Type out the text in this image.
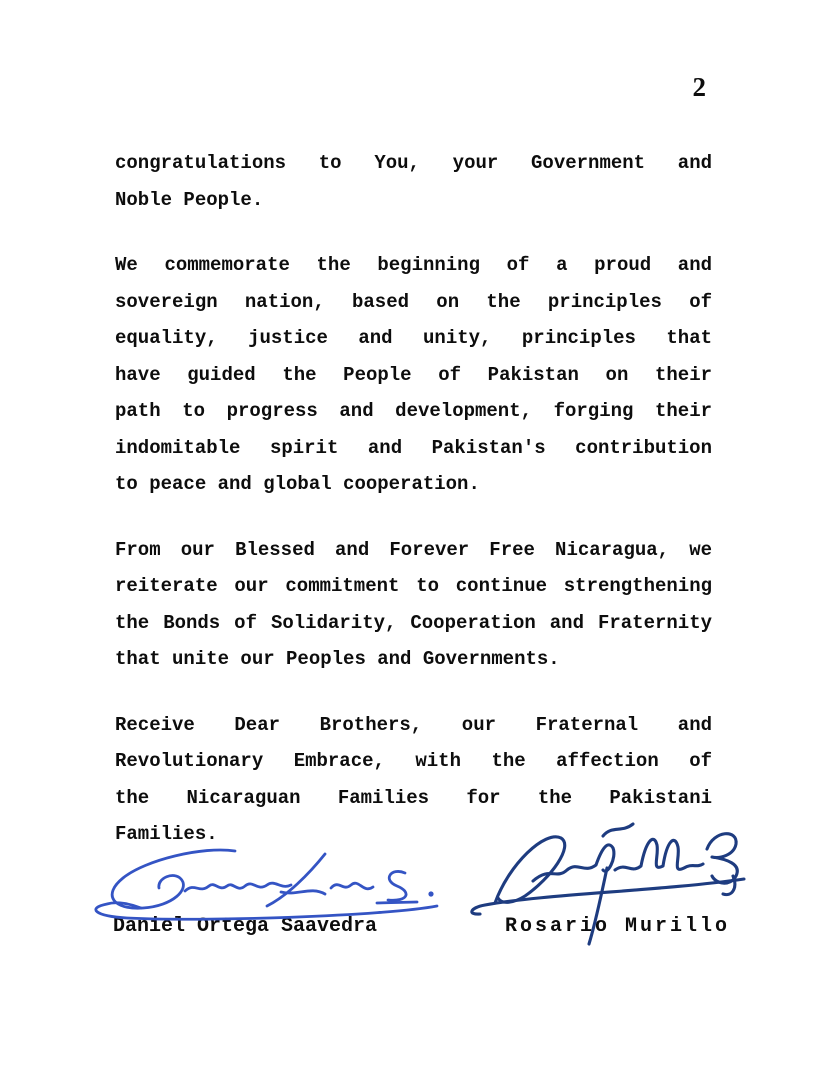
2
congratulations to You, your Government and
Noble People.
We commemorate the beginning of a proud and
sovereign nation, based on the principles of
equality, justice and unity, principles that
have guided the People of Pakistan on their
path to progress and development, forging their
indomitable spirit and Pakistan's contribution
to peace and global cooperation.
From our Blessed and Forever Free Nicaragua, we
reiterate our commitment to continue strengthening
the Bonds of Solidarity, Cooperation and Fraternity
that unite our Peoples and Governments.
Receive Dear Brothers, our Fraternal and
Revolutionary Embrace, with the affection of
the Nicaraguan Families for the Pakistani
Families.
Daniel Ortega Saavedra	Rosario Murillo
